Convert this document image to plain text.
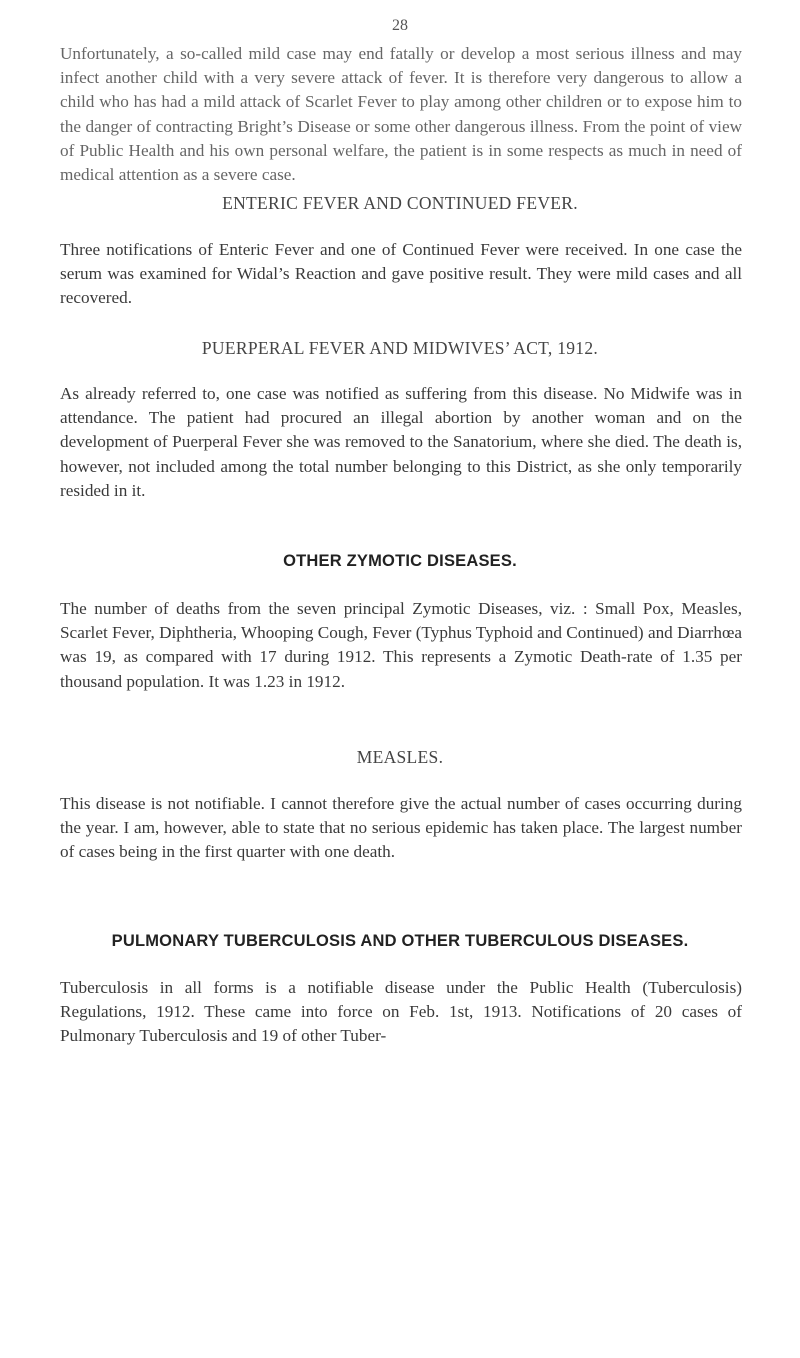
28

Unfortunately, a so-called mild case may end fatally or develop a most serious illness and may infect another child with a very severe attack of fever. It is therefore very dangerous to allow a child who has had a mild attack of Scarlet Fever to play among other children or to expose him to the danger of contracting Bright’s Disease or some other dangerous illness. From the point of view of Public Health and his own personal welfare, the patient is in some respects as much in need of medical attention as a severe case.

ENTERIC FEVER AND CONTINUED FEVER.

Three notifications of Enteric Fever and one of Continued Fever were received. In one case the serum was examined for Widal’s Reaction and gave positive result. They were mild cases and all recovered.

PUERPERAL FEVER AND MIDWIVES’ ACT, 1912.

As already referred to, one case was notified as suffering from this disease. No Midwife was in attendance. The patient had procured an illegal abortion by another woman and on the development of Puerperal Fever she was removed to the Sanatorium, where she died. The death is, however, not included among the total number belonging to this District, as she only temporarily resided in it.

OTHER ZYMOTIC DISEASES.

The number of deaths from the seven principal Zymotic Diseases, viz. : Small Pox, Measles, Scarlet Fever, Diphtheria, Whooping Cough, Fever (Typhus Typhoid and Continued) and Diarrhœa was 19, as compared with 17 during 1912. This represents a Zymotic Death-rate of 1.35 per thousand population. It was 1.23 in 1912.

MEASLES.

This disease is not notifiable. I cannot therefore give the actual number of cases occurring during the year. I am, however, able to state that no serious epidemic has taken place. The largest number of cases being in the first quarter with one death.

PULMONARY TUBERCULOSIS AND OTHER TUBERCULOUS DISEASES.

Tuberculosis in all forms is a notifiable disease under the Public Health (Tuberculosis) Regulations, 1912. These came into force on Feb. 1st, 1913. Notifications of 20 cases of Pulmonary Tuberculosis and 19 of other Tuber-
